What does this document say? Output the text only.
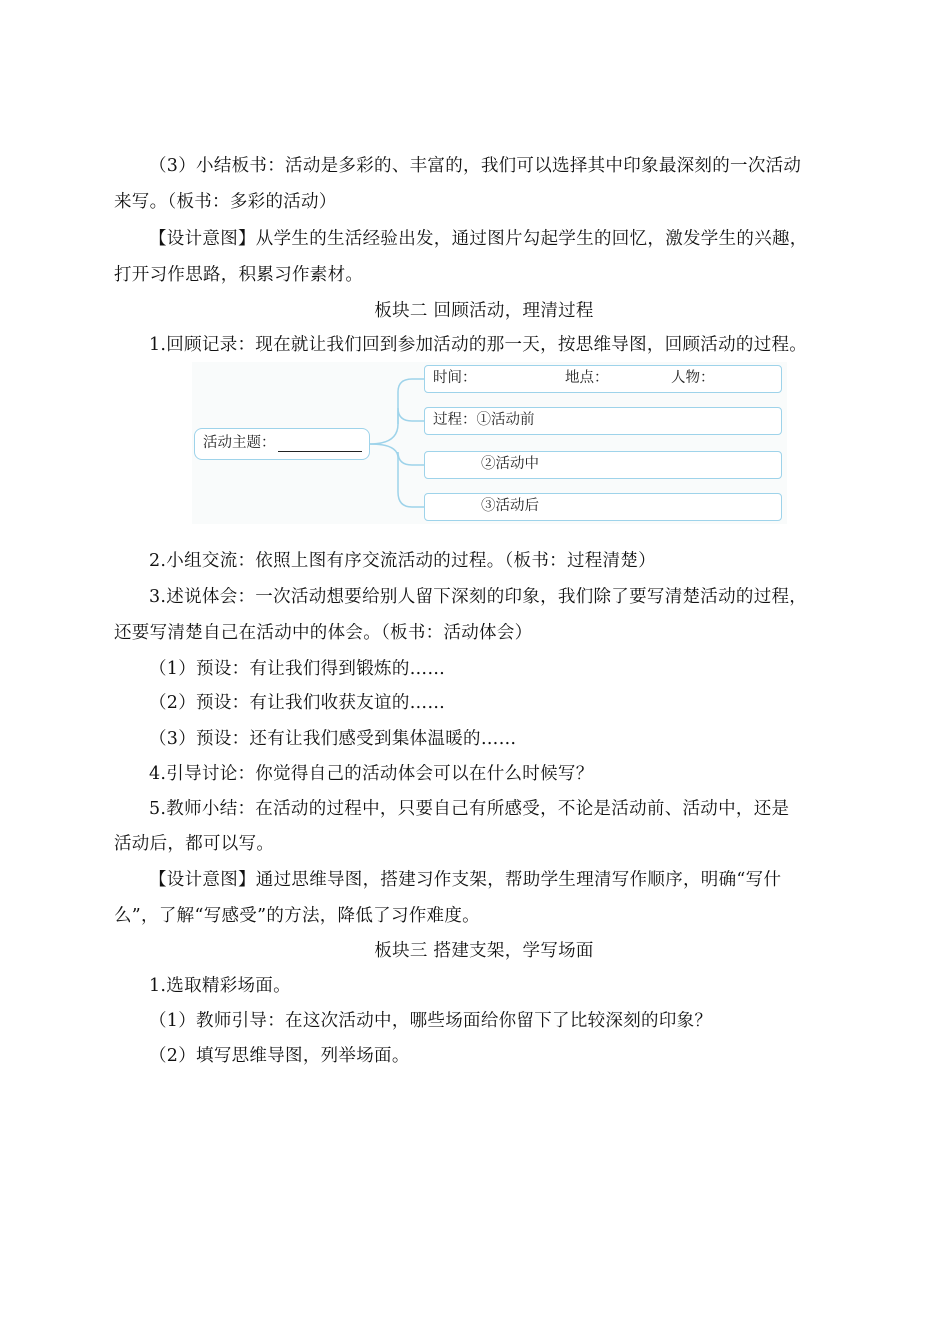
（3）小结板书：活动是多彩的、丰富的，我们可以选择其中印象最深刻的一次活动
来写。（板书：多彩的活动）
【设计意图】从学生的生活经验出发，通过图片勾起学生的回忆，激发学生的兴趣，
打开习作思路，积累习作素材。
板块二 回顾活动，理清过程
1.回顾记录：现在就让我们回到参加活动的那一天，按思维导图，回顾活动的过程。
活动主题：
时间：	地点：	人物：
过程：①活动前
②活动中
③活动后
2.小组交流：依照上图有序交流活动的过程。（板书：过程清楚）
3.述说体会：一次活动想要给别人留下深刻的印象，我们除了要写清楚活动的过程，
还要写清楚自己在活动中的体会。（板书：活动体会）
（1）预设：有让我们得到锻炼的……
（2）预设：有让我们收获友谊的……
（3）预设：还有让我们感受到集体温暖的……
4.引导讨论：你觉得自己的活动体会可以在什么时候写？
5.教师小结：在活动的过程中，只要自己有所感受，不论是活动前、活动中，还是
活动后，都可以写。
【设计意图】通过思维导图，搭建习作支架，帮助学生理清写作顺序，明确“写什
么”，了解“写感受”的方法，降低了习作难度。
板块三 搭建支架，学写场面
1.选取精彩场面。
（1）教师引导：在这次活动中，哪些场面给你留下了比较深刻的印象？
（2）填写思维导图，列举场面。
